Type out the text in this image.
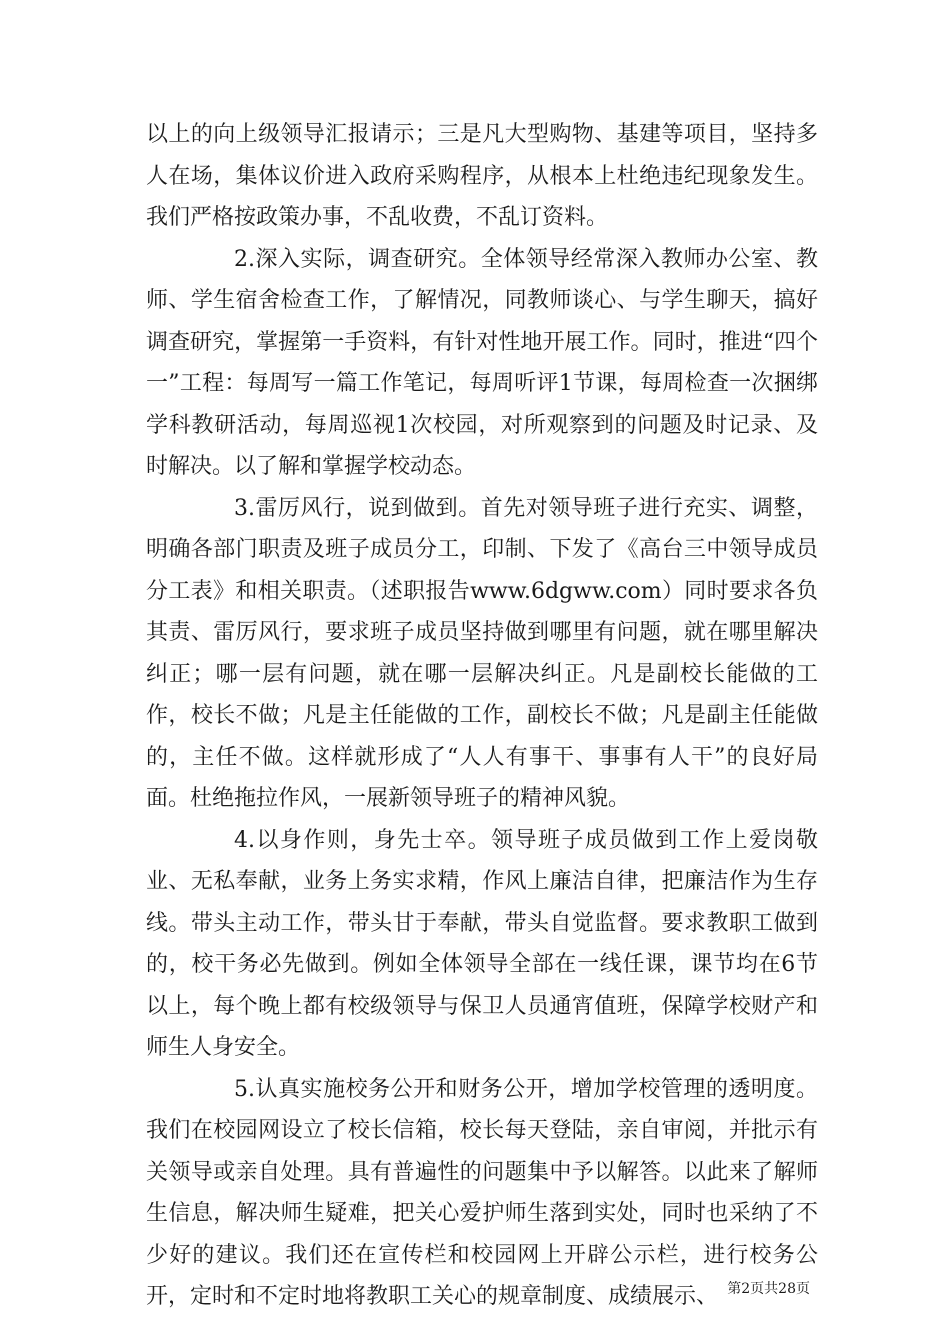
以上的向上级领导汇报请示；三是凡大型购物、基建等项目，坚持多人在场，集体议价进入政府采购程序，从根本上杜绝违纪现象发生。我们严格按政策办事，不乱收费，不乱订资料。

2.深入实际，调查研究。全体领导经常深入教师办公室、教师、学生宿舍检查工作，了解情况，同教师谈心、与学生聊天，搞好调查研究，掌握第一手资料，有针对性地开展工作。同时，推进“四个一”工程：每周写一篇工作笔记，每周听评1节课，每周检查一次捆绑学科教研活动，每周巡视1次校园，对所观察到的问题及时记录、及时解决。以了解和掌握学校动态。

3.雷厉风行，说到做到。首先对领导班子进行充实、调整，明确各部门职责及班子成员分工，印制、下发了《高台三中领导成员分工表》和相关职责。（述职报告www.6dgww.com）同时要求各负其责、雷厉风行，要求班子成员坚持做到哪里有问题，就在哪里解决纠正；哪一层有问题，就在哪一层解决纠正。凡是副校长能做的工作，校长不做；凡是主任能做的工作，副校长不做；凡是副主任能做的，主任不做。这样就形成了“人人有事干、事事有人干”的良好局面。杜绝拖拉作风，一展新领导班子的精神风貌。

4.以身作则，身先士卒。领导班子成员做到工作上爱岗敬业、无私奉献，业务上务实求精，作风上廉洁自律，把廉洁作为生存线。带头主动工作，带头甘于奉献，带头自觉监督。要求教职工做到的，校干务必先做到。例如全体领导全部在一线任课，课节均在6节以上，每个晚上都有校级领导与保卫人员通宵值班，保障学校财产和师生人身安全。

5.认真实施校务公开和财务公开，增加学校管理的透明度。我们在校园网设立了校长信箱，校长每天登陆，亲自审阅，并批示有关领导或亲自处理。具有普遍性的问题集中予以解答。以此来了解师生信息，解决师生疑难，把关心爱护师生落到实处，同时也采纳了不少好的建议。我们还在宣传栏和校园网上开辟公示栏，进行校务公开，定时和不定时地将教职工关心的规章制度、成绩展示、 第2页共28页
